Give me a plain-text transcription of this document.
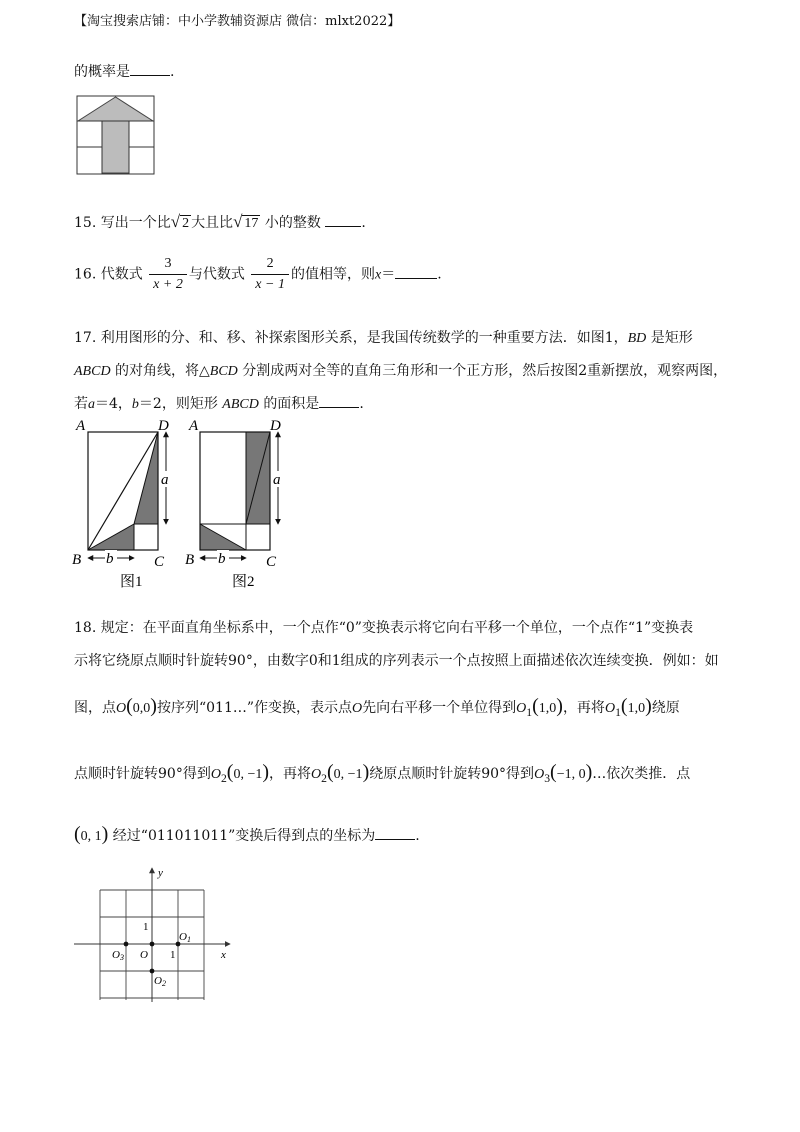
【淘宝搜索店铺：中小学教辅资源店 微信：mlxt2022】
的概率是	.
15. 写出一个比√ 2 大且比√ 17 小的整数	.
16. 代数式 $\frac{3}{x + 2}$ 与代数式 $\frac{2}{x - 1}$ 的值相等，则x＝	.
17. 利用图形的分、和、移、补探索图形关系，是我国传统数学的一种重要方法．如图1，BD 是矩形
ABCD 的对角线，将△BCD 分割成两对全等的直角三角形和一个正方形，然后按图2重新摆放，观察两图，
若a＝4，b＝2，则矩形 ABCD 的面积是	.
A	D
B	C
a
b
图1
A	D
B	C
a
b
图2
18. 规定：在平面直角坐标系中，一个点作“0”变换表示将它向右平移一个单位，一个点作“1”变换表
示将它绕原点顺时针旋转90°，由数字0和1组成的序列表示一个点按照上面描述依次连续变换．例如：如
图，点O(0,0)按序列“011…”作变换，表示点O先向右平移一个单位得到$O_1(1,0)$，再将$O_1(1,0)$绕原
点顺时针旋转90°得到$O_2(0$, −1)，再将$O_2(0$, −1)绕原点顺时针旋转90°得到$O_3(-1$, 0)…依次类推．点
(0, 1) 经过“011011011”变换后得到点的坐标为	.
x
y
1
1
O
O1
O2
O3
